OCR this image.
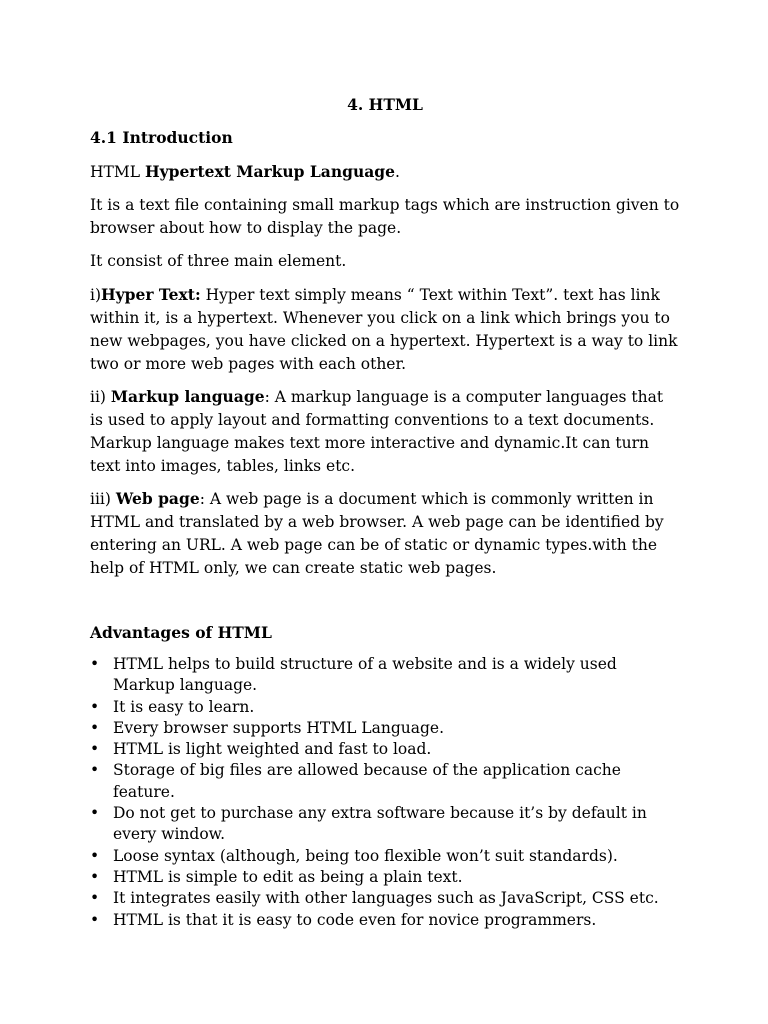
4. HTML
4.1 Introduction

HTML Hypertext Markup Language.

It is a text file containing small markup tags which are instruction given to browser about how to display the page.

It consist of three main element.

i)Hyper Text: Hyper text simply means “ Text within Text”. text has link within it, is a hypertext. Whenever you click on a link which brings you to new webpages, you have clicked on a hypertext. Hypertext is a way to link two or more web pages with each other.

ii) Markup language: A markup language is a computer languages that is used to apply layout and formatting conventions to a text documents. Markup language makes text more interactive and dynamic.It can turn text into images, tables, links etc.

iii) Web page: A web page is a document which is commonly written in HTML and translated by a web browser. A web page can be identified by entering an URL. A web page can be of static or dynamic types.with the help of HTML only, we can create static web pages.

Advantages of HTML
• HTML helps to build structure of a website and is a widely used Markup language.
• It is easy to learn.
• Every browser supports HTML Language.
• HTML is light weighted and fast to load.
• Storage of big files are allowed because of the application cache feature.
• Do not get to purchase any extra software because it’s by default in every window.
• Loose syntax (although, being too flexible won’t suit standards).
• HTML is simple to edit as being a plain text.
• It integrates easily with other languages such as JavaScript, CSS etc.
• HTML is that it is easy to code even for novice programmers.
